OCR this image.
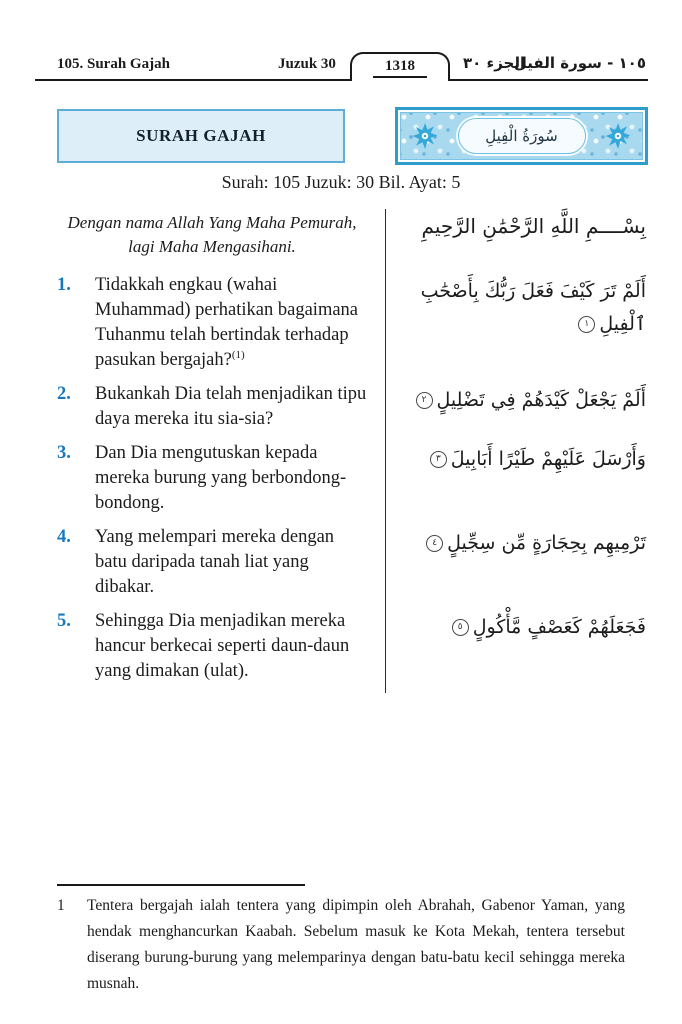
105. Surah Gajah	Juzuk 30	الجزء ٣٠
١٠٥ - سورة الفيل
1318
SURAH GAJAH	سُورَةُ الْفِيلِ
Surah: 105 Juzuk: 30 Bil. Ayat: 5

Dengan nama Allah Yang Maha Pemurah, lagi Maha Mengasihani.

بِسْــــمِ اللَّهِ الرَّحْمَٰنِ الرَّحِيمِ

1.	Tidakkah engkau (wahai Muhammad) perhatikan bagaimana Tuhanmu telah bertindak terhadap pasukan bergajah?$^{(1)}$

أَلَمْ تَرَ كَيْفَ فَعَلَ رَبُّكَ بِأَصْحَٰبِ ٱلْفِيلِ١

2.	Bukankah Dia telah menjadikan tipu daya mereka itu sia-sia?

أَلَمْ يَجْعَلْ كَيْدَهُمْ فِي تَضْلِيلٍ٢

3.	Dan Dia mengutuskan kepada mereka burung yang berbondong-bondong.

وَأَرْسَلَ عَلَيْهِمْ طَيْرًا أَبَابِيلَ٣

4.	Yang melempari mereka dengan batu daripada tanah liat yang dibakar.

تَرْمِيهِم بِحِجَارَةٍ مِّن سِجِّيلٍ٤

5.	Sehingga Dia menjadikan mereka hancur berkecai seperti daun-daun yang dimakan (ulat).

فَجَعَلَهُمْ كَعَصْفٍ مَّأْكُولٍ٥

1	Tentera bergajah ialah tentera yang dipimpin oleh Abrahah, Gabenor Yaman, yang hendak menghancurkan Kaabah. Sebelum masuk ke Kota Mekah, tentera tersebut diserang burung-burung yang melemparinya dengan batu-batu kecil sehingga mereka musnah.
